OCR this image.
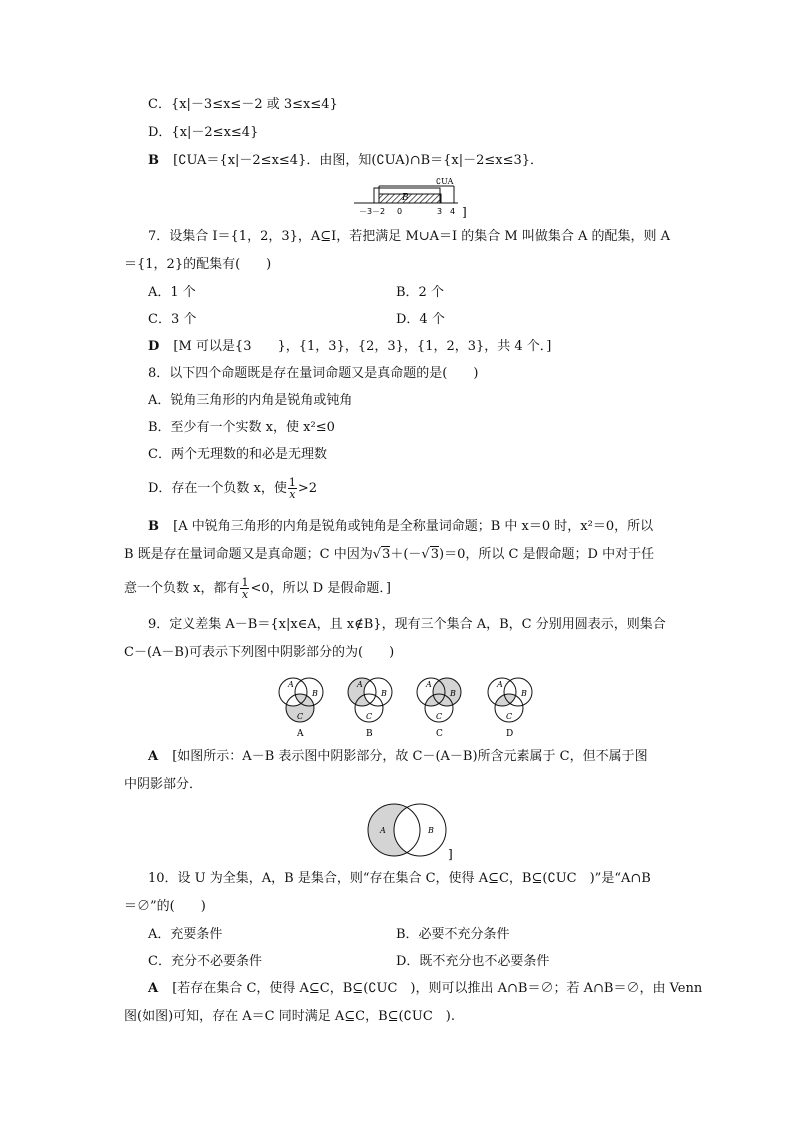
C．{x|－3≤x≤－2 或 3≤x≤4}
D．{x|－2≤x≤4}
B [∁UA＝{x|－2≤x≤4}．由图，知(∁UA)∩B＝{x|－2≤x≤3}．
B
∁UA
－3 －2 0	3 4 ]
7．设集合 I＝{1，2，3}，A⊆I，若把满足 M∪A＝I 的集合 M 叫做集合 A 的配集，则 A
＝{1，2}的配集有(　　)
A．1 个	B．2 个
C．3 个	D．4 个
D [M 可以是{3　　}，{1，3}，{2，3}，{1，2，3}，共 4 个．]
8．以下四个命题既是存在量词命题又是真命题的是(　　)
A．锐角三角形的内角是锐角或钝角
B．至少有一个实数 x，使 x²≤0
C．两个无理数的和必是无理数
D．存在一个负数 x，使 $\frac{1}{x} >2$
B [A 中锐角三角形的内角是锐角或钝角是全称量词命题；B 中 x＝0 时，x²＝0，所以
B 既是存在量词命题又是真命题；C 中因为√3＋(－√3)＝0，所以 C 是假命题；D 中对于任
意一个负数 x，都有 $\frac{1}{x} <0$，所以 D 是假命题．]
9．定义差集 A－B＝{x|x∈A，且 x∉B}，现有三个集合 A，B，C 分别用圆表示，则集合
C－(A－B)可表示下列图中阴影部分的为(　　)
A
B
C
A
B
C
A
B
C
A
B
C
A	B	C	D
A [如图所示：A－B 表示图中阴影部分，故 C－(A－B)所含元素属于 C，但不属于图
中阴影部分．
A	B
]
10．设 U 为全集，A，B 是集合，则“存在集合 C，使得 A⊆C，B⊆(∁UC　)”是“A∩B
＝∅”的(　　)
A．充要条件	B．必要不充分条件
C．充分不必要条件	D．既不充分也不必要条件
A [若存在集合 C，使得 A⊆C，B⊆(∁UC　)，则可以推出 A∩B＝∅；若 A∩B＝∅，由 Venn
图(如图)可知，存在 A＝C 同时满足 A⊆C，B⊆(∁UC　).
